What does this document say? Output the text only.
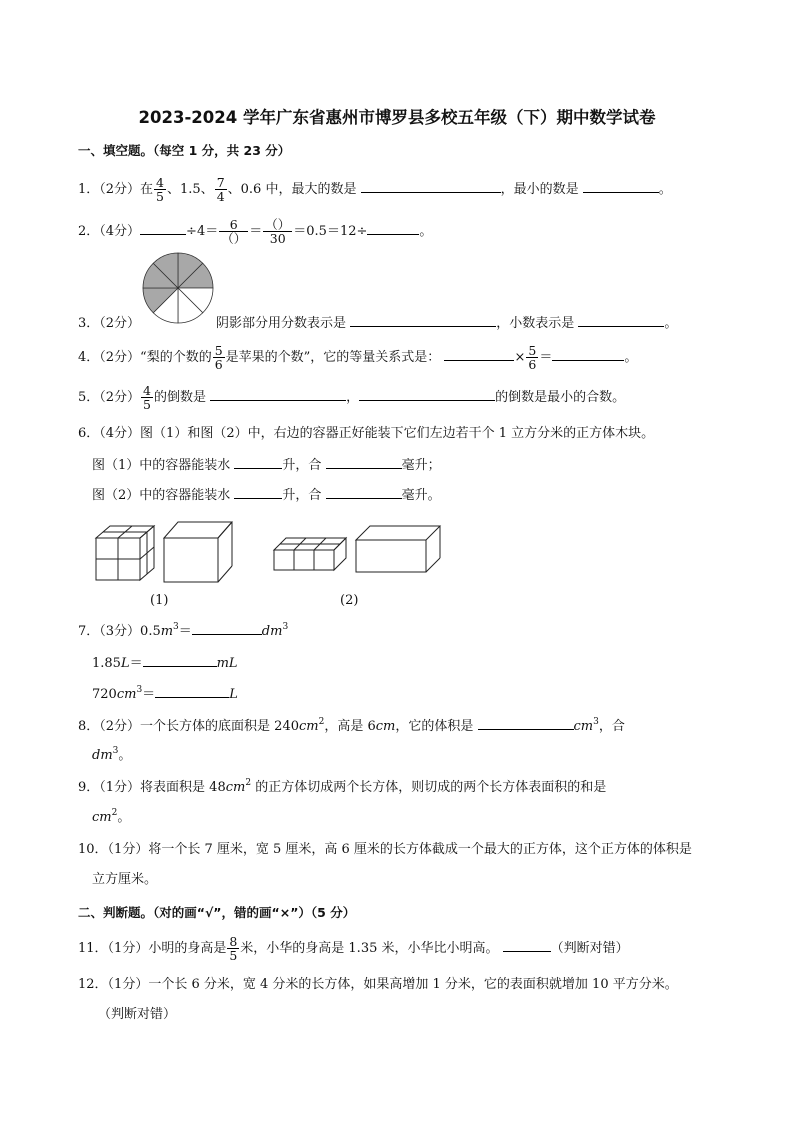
2023-2024 学年广东省惠州市博罗县多校五年级（下）期中数学试卷
一、填空题。（每空 1 分，共 23 分）
1．（2分）在 $\frac{4}{5}$ 、1.5、 $\frac{7}{4}$ 、0.6 中，最大的数是	，最小的数是	。
2．（4分）	$\div 4= \frac{6}{()} = \frac{()}{30} =0.5=12\div$	。
3．（2分）	阴影部分用分数表示是	，小数表示是	。
4．（2分）“梨的个数的 $\frac{5}{6}$ 是苹果的个数”，它的等量关系式是：	× $\frac{5}{6}$ ＝	。
5．（2分） $\frac{4}{5}$ 的倒数是	，	的倒数是最小的合数。
6．（4分）图（1）和图（2）中，右边的容器正好能装下它们左边若干个 1 立方分米的正方体木块。
图（1）中的容器能装水	升，合	毫升；
图（2）中的容器能装水	升，合	毫升。
(1)	(2)
7．（3分）$0.5m^3=$	$dm^3$
1.85L＝	mL
$720cm^3=$	L
8．（2分）一个长方体的底面积是 $240cm^2$，高是 6cm，它的体积是	$cm^3$，合
$dm^3$。
9．（1分）将表面积是 $48cm^2$ 的正方体切成两个长方体，则切成的两个长方体表面积的和是
$cm^2$。
10．（1分）将一个长 7 厘米，宽 5 厘米，高 6 厘米的长方体截成一个最大的正方体，这个正方体的体积是
立方厘米。
二、判断题。（对的画“√”，错的画“×”）（5 分）
11．（1分）小明的身高是 $\frac{8}{5}$ 米，小华的身高是 1.35 米，小华比小明高。	（判断对错）
12．（1分）一个长 6 分米，宽 4 分米的长方体，如果高增加 1 分米，它的表面积就增加 10 平方分米。
（判断对错）
